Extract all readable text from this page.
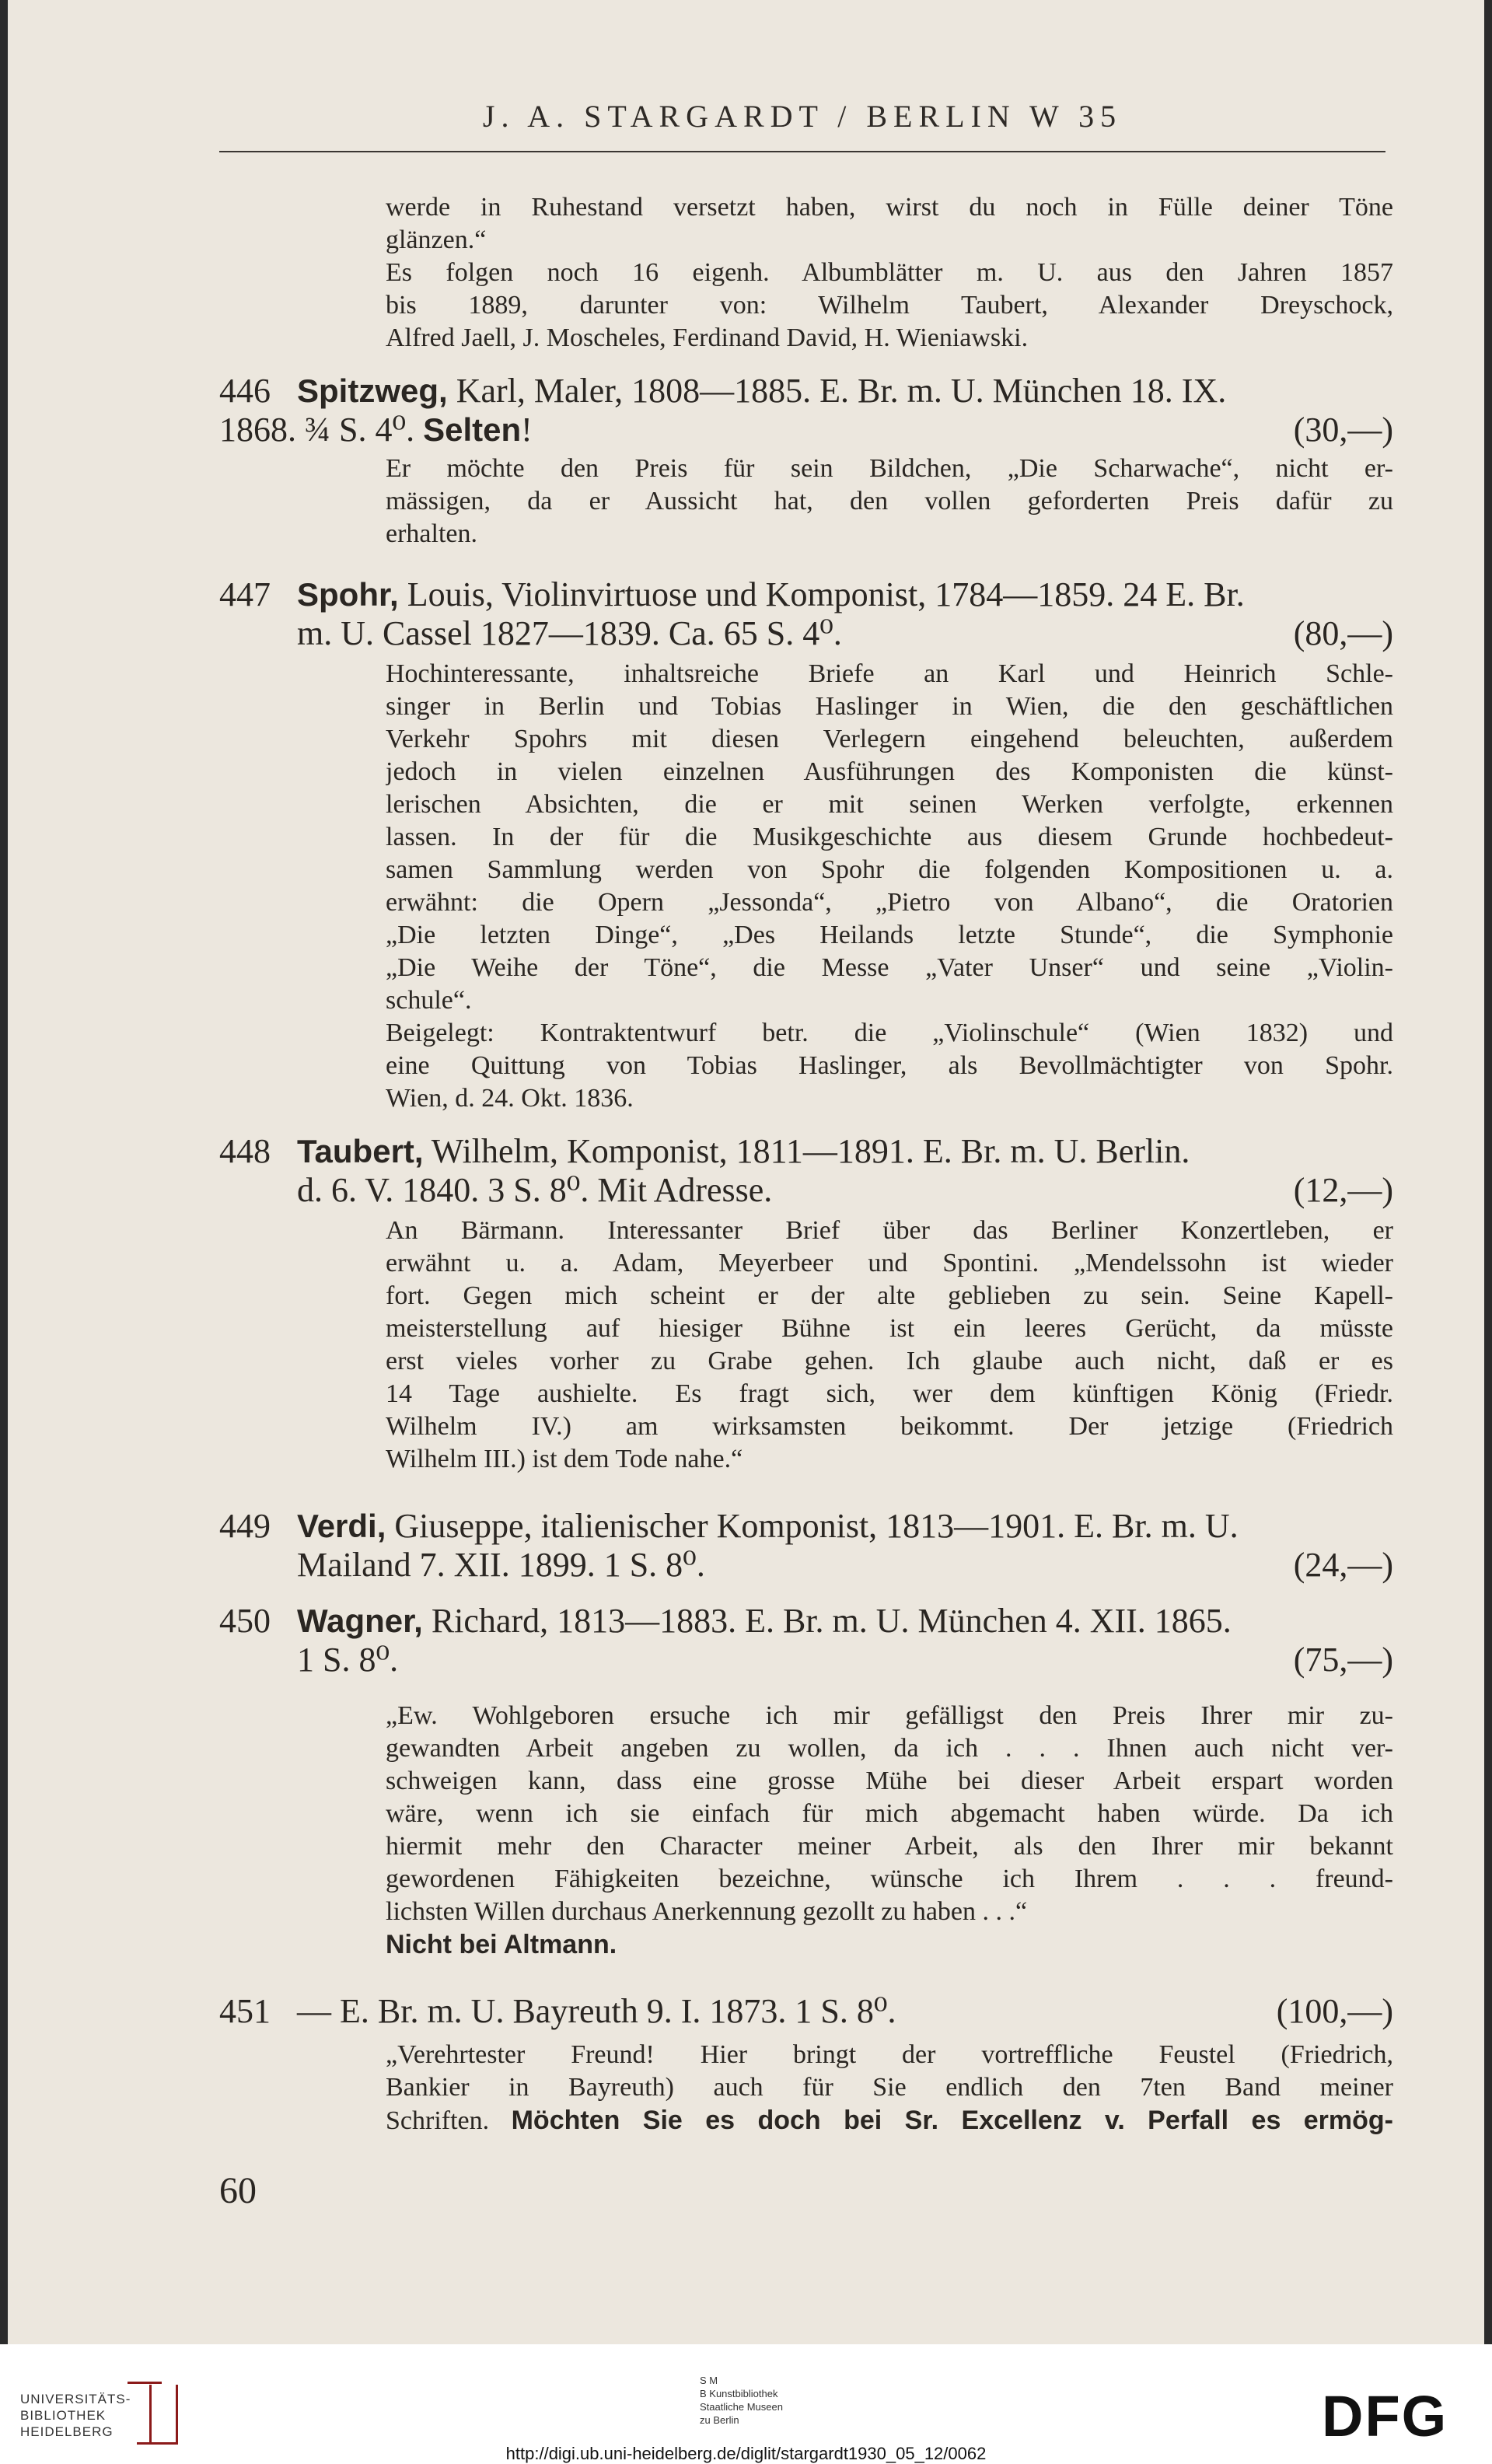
J. A. STARGARDT / BERLIN W 35
werde in Ruhestand versetzt haben, wirst du noch in Fülle deiner Töne
glänzen.“
Es folgen noch 16 eigenh. Albumblätter m. U. aus den Jahren 1857
bis 1889, darunter von: Wilhelm Taubert, Alexander Dreyschock,
Alfred Jaell, J. Moscheles, Ferdinand David, H. Wieniawski.
446 Spitzweg, Karl, Maler, 1808—1885. E. Br. m. U. München 18. IX.
1868. ¾ S. 4⁰. Selten!	(30,—)
Er möchte den Preis für sein Bildchen, „Die Scharwache“, nicht er-
mässigen, da er Aussicht hat, den vollen geforderten Preis dafür zu
erhalten.
447 Spohr, Louis, Violinvirtuose und Komponist, 1784—1859. 24 E. Br.
m. U. Cassel 1827—1839. Ca. 65 S. 4⁰.	(80,—)
Hochinteressante, inhaltsreiche Briefe an Karl und Heinrich Schle-
singer in Berlin und Tobias Haslinger in Wien, die den geschäftlichen
Verkehr Spohrs mit diesen Verlegern eingehend beleuchten, außerdem
jedoch in vielen einzelnen Ausführungen des Komponisten die künst-
lerischen Absichten, die er mit seinen Werken verfolgte, erkennen
lassen. In der für die Musikgeschichte aus diesem Grunde hochbedeut-
samen Sammlung werden von Spohr die folgenden Kompositionen u. a.
erwähnt: die Opern „Jessonda“, „Pietro von Albano“, die Oratorien
„Die letzten Dinge“, „Des Heilands letzte Stunde“, die Symphonie
„Die Weihe der Töne“, die Messe „Vater Unser“ und seine „Violin-
schule“.
Beigelegt: Kontraktentwurf betr. die „Violinschule“ (Wien 1832) und
eine Quittung von Tobias Haslinger, als Bevollmächtigter von Spohr.
Wien, d. 24. Okt. 1836.
448 Taubert, Wilhelm, Komponist, 1811—1891. E. Br. m. U. Berlin.
d. 6. V. 1840. 3 S. 8⁰. Mit Adresse.	(12,—)
An Bärmann. Interessanter Brief über das Berliner Konzertleben, er
erwähnt u. a. Adam, Meyerbeer und Spontini. „Mendelssohn ist wieder
fort. Gegen mich scheint er der alte geblieben zu sein. Seine Kapell-
meisterstellung auf hiesiger Bühne ist ein leeres Gerücht, da müsste
erst vieles vorher zu Grabe gehen. Ich glaube auch nicht, daß er es
14 Tage aushielte. Es fragt sich, wer dem künftigen König (Friedr.
Wilhelm IV.) am wirksamsten beikommt. Der jetzige (Friedrich
Wilhelm III.) ist dem Tode nahe.“
449 Verdi, Giuseppe, italienischer Komponist, 1813—1901. E. Br. m. U.
Mailand 7. XII. 1899. 1 S. 8⁰.	(24,—)
450 Wagner, Richard, 1813—1883. E. Br. m. U. München 4. XII. 1865.
1 S. 8⁰.	(75,—)
„Ew. Wohlgeboren ersuche ich mir gefälligst den Preis Ihrer mir zu-
gewandten Arbeit angeben zu wollen, da ich . . . Ihnen auch nicht ver-
schweigen kann, dass eine grosse Mühe bei dieser Arbeit erspart worden
wäre, wenn ich sie einfach für mich abgemacht haben würde. Da ich
hiermit mehr den Character meiner Arbeit, als den Ihrer mir bekannt
gewordenen Fähigkeiten bezeichne, wünsche ich Ihrem . . . freund-
lichsten Willen durchaus Anerkennung gezollt zu haben . . .“
Nicht bei Altmann.
451 — E. Br. m. U. Bayreuth 9. I. 1873. 1 S. 8⁰.	(100,—)
„Verehrtester Freund! Hier bringt der vortreffliche Feustel (Friedrich,
Bankier in Bayreuth) auch für Sie endlich den 7ten Band meiner
Schriften. Möchten Sie es doch bei Sr. Excellenz v. Perfall es ermög-
60
UNIVERSITÄTS-
BIBLIOTHEK
HEIDELBERG
S M
B Kunstbibliothek
Staatliche Museen
zu Berlin	DFG
http://digi.ub.uni-heidelberg.de/diglit/stargardt1930_05_12/0062
